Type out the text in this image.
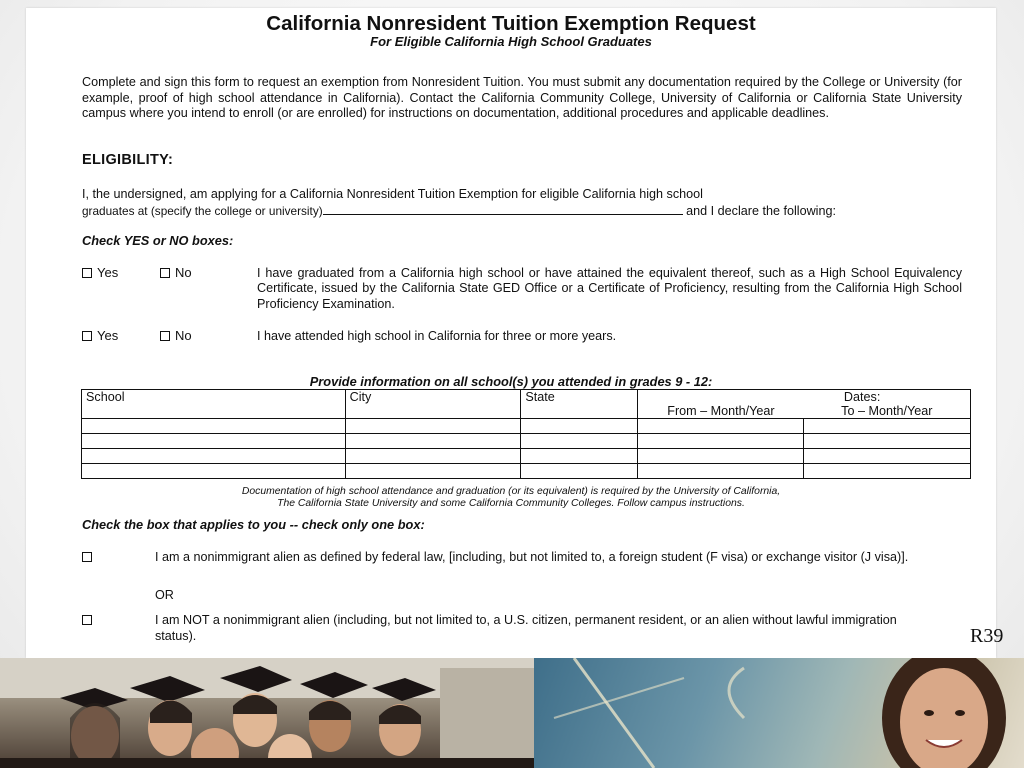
California Nonresident Tuition Exemption Request
For Eligible California High School Graduates
Complete and sign this form to request an exemption from Nonresident Tuition. You must submit any documentation required by the College or University (for example, proof of high school attendance in California). Contact the California Community College, University of California or California State University campus where you intend to enroll (or are enrolled) for instructions on documentation, additional procedures and applicable deadlines.
ELIGIBILITY:
I, the undersigned, am applying for a California Nonresident Tuition Exemption for eligible California high school
graduates at (specify the college or university)	and I declare the following:
Check YES or NO boxes:
Yes	No	I have graduated from a California high school or have attained the equivalent thereof, such as a High School Equivalency Certificate, issued by the California State GED Office or a Certificate of Proficiency, resulting from the California High School Proficiency Examination.
Yes	No	I have attended high school in California for three or more years.
Provide information on all school(s) you attended in grades 9 - 12:
School	City	State	Dates:	
			From – Month/Year	To – Month/Year

Documentation of high school attendance and graduation (or its equivalent) is required by the University of California,
The California State University and some California Community Colleges. Follow campus instructions.
Check the box that applies to you -- check only one box:
I am a nonimmigrant alien as defined by federal law, [including, but not limited to, a foreign student (F visa) or exchange visitor (J visa)].
OR
I am NOT a nonimmigrant alien (including, but not limited to, a U.S. citizen, permanent resident, or an alien without lawful immigration status).	R39
